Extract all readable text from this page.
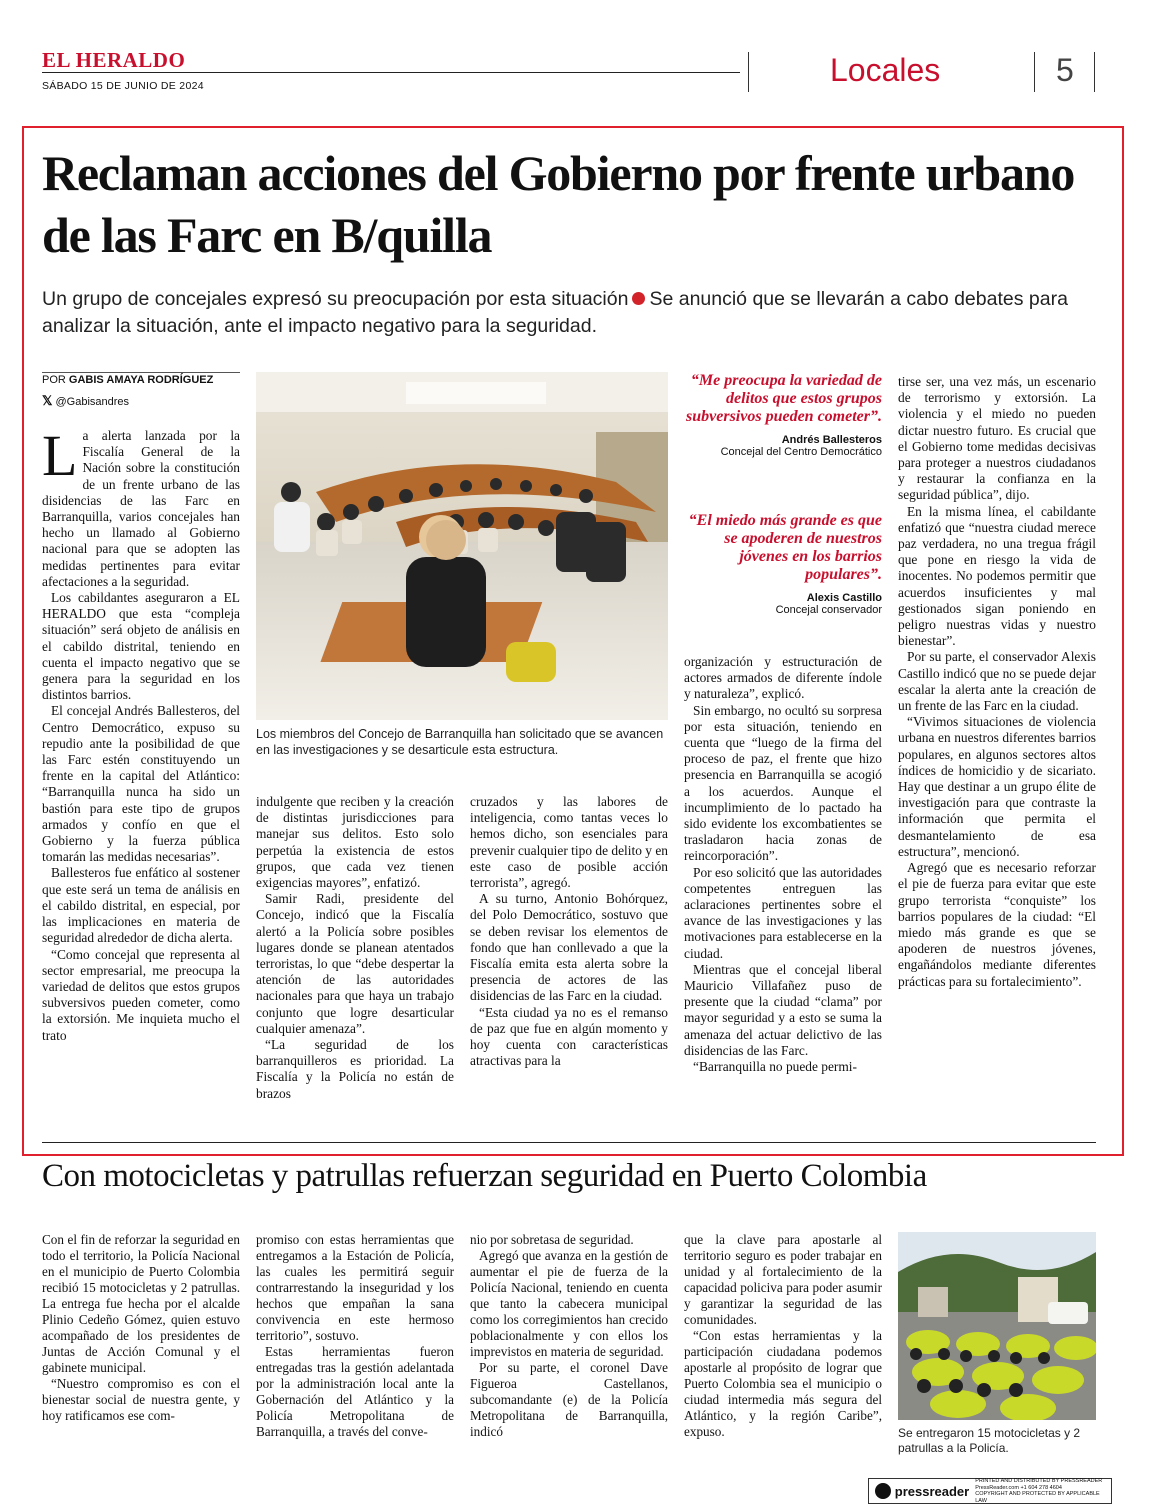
EL HERALDO
SÁBADO 15 DE JUNIO DE 2024	Locales	5
Reclaman acciones del Gobierno por frente urbano de las Farc en B/quilla
Un grupo de concejales expresó su preocupación por esta situación Se anunció que se llevarán a cabo debates para analizar la situación, ante el impacto negativo para la seguridad.
POR GABIS AMAYA RODRÍGUEZ
𝕏 @Gabisandres

La alerta lanzada por la Fiscalía General de la Nación sobre la constitución de un frente urbano de las disidencias de las Farc en Barranquilla, varios concejales han hecho un llamado al Gobierno nacional para que se adopten las medidas pertinentes para evitar afectaciones a la seguridad.

Los cabildantes aseguraron a EL HERALDO que esta “compleja situación” será objeto de análisis en el cabildo distrital, teniendo en cuenta el impacto negativo que se genera para la seguridad en los distintos barrios.

El concejal Andrés Ballesteros, del Centro Democrático, expuso su repudio ante la posibilidad de que las Farc estén constituyendo un frente en la capital del Atlántico: “Barranquilla nunca ha sido un bastión para este tipo de grupos armados y confío en que el Gobierno y la fuerza pública tomarán las medidas necesarias”.

Ballesteros fue enfático al sostener que este será un tema de análisis en el cabildo distrital, en especial, por las implicaciones en materia de seguridad alrededor de dicha alerta.

“Como concejal que representa al sector empresarial, me preocupa la variedad de delitos que estos grupos subversivos pueden cometer, como la extorsión. Me inquieta mucho el trato

Los miembros del Concejo de Barranquilla han solicitado que se avancen en las investigaciones y se desarticule esta estructura.

indulgente que reciben y la creación de distintas jurisdicciones para manejar sus delitos. Esto solo perpetúa la existencia de estos grupos, que cada vez tienen exigencias mayores”, enfatizó.

Samir Radi, presidente del Concejo, indicó que la Fiscalía alertó a la Policía sobre posibles lugares donde se planean atentados terroristas, lo que “debe despertar la atención de las autoridades nacionales para que haya un trabajo conjunto que logre desarticular cualquier amenaza”.

“La seguridad de los barranquilleros es prioridad. La Fiscalía y la Policía no están de brazos

cruzados y las labores de inteligencia, como tantas veces lo hemos dicho, son esenciales para prevenir cualquier tipo de delito y en este caso de posible acción terrorista”, agregó.

A su turno, Antonio Bohórquez, del Polo Democrático, sostuvo que se deben revisar los elementos de fondo que han conllevado a que la Fiscalía emita esta alerta sobre la presencia de actores de las disidencias de las Farc en la ciudad.

“Esta ciudad ya no es el remanso de paz que fue en algún momento y hoy cuenta con características atractivas para la

“Me preocupa la variedad de delitos que estos grupos subversivos pueden cometer”.
Andrés Ballesteros
Concejal del Centro Democrático
“El miedo más grande es que se apoderen de nuestros jóvenes en los barrios populares”.
Alexis Castillo
Concejal conservador

organización y estructuración de actores armados de diferente índole y naturaleza”, explicó.

Sin embargo, no ocultó su sorpresa por esta situación, teniendo en cuenta que “luego de la firma del proceso de paz, el frente que hizo presencia en Barranquilla se acogió a los acuerdos. Aunque el incumplimiento de lo pactado ha sido evidente los excombatientes se trasladaron hacia zonas de reincorporación”.

Por eso solicitó que las autoridades competentes entreguen las aclaraciones pertinentes sobre el avance de las investigaciones y las motivaciones para establecerse en la ciudad.

Mientras que el concejal liberal Mauricio Villafañez puso de presente que la ciudad “clama” por mayor seguridad y a esto se suma la amenaza del actuar delictivo de las disidencias de las Farc.

“Barranquilla no puede permi-

tirse ser, una vez más, un escenario de terrorismo y extorsión. La violencia y el miedo no pueden dictar nuestro futuro. Es crucial que el Gobierno tome medidas decisivas para proteger a nuestros ciudadanos y restaurar la confianza en la seguridad pública”, dijo.

En la misma línea, el cabildante enfatizó que “nuestra ciudad merece paz verdadera, no una tregua frágil que pone en riesgo la vida de inocentes. No podemos permitir que acuerdos insuficientes y mal gestionados sigan poniendo en peligro nuestras vidas y nuestro bienestar”.

Por su parte, el conservador Alexis Castillo indicó que no se puede dejar escalar la alerta ante la creación de un frente de las Farc en la ciudad.

“Vivimos situaciones de violencia urbana en nuestros diferentes barrios populares, en algunos sectores altos índices de homicidio y de sicariato. Hay que destinar a un grupo élite de investigación para que contraste la información que permita el desmantelamiento de esa estructura”, mencionó.

Agregó que es necesario reforzar el pie de fuerza para evitar que este grupo terrorista “conquiste” los barrios populares de la ciudad: “El miedo más grande es que se apoderen de nuestros jóvenes, engañándolos mediante diferentes prácticas para su fortalecimiento”.

Con motocicletas y patrullas refuerzan seguridad en Puerto Colombia

Con el fin de reforzar la seguridad en todo el territorio, la Policía Nacional en el municipio de Puerto Colombia recibió 15 motocicletas y 2 patrullas. La entrega fue hecha por el alcalde Plinio Cedeño Gómez, quien estuvo acompañado de los presidentes de Juntas de Acción Comunal y el gabinete municipal.

“Nuestro compromiso es con el bienestar social de nuestra gente, y hoy ratificamos ese com-

promiso con estas herramientas que entregamos a la Estación de Policía, las cuales les permitirá seguir contrarrestando la inseguridad y los hechos que empañan la sana convivencia en este hermoso territorio”, sostuvo.

Estas herramientas fueron entregadas tras la gestión adelantada por la administración local ante la Gobernación del Atlántico y la Policía Metropolitana de Barranquilla, a través del conve-

nio por sobretasa de seguridad.

Agregó que avanza en la gestión de aumentar el pie de fuerza de la Policía Nacional, teniendo en cuenta que tanto la cabecera municipal como los corregimientos han crecido poblacionalmente y con ellos los imprevistos en materia de seguridad.

Por su parte, el coronel Dave Figueroa Castellanos, subcomandante (e) de la Policía Metropolitana de Barranquilla, indicó

que la clave para apostarle al territorio seguro es poder trabajar en unidad y al fortalecimiento de la capacidad policiva para poder asumir y garantizar la seguridad de las comunidades.

“Con estas herramientas y la participación ciudadana podemos apostarle al propósito de lograr que Puerto Colombia sea el municipio o ciudad intermedia más segura del Atlántico, y la región Caribe”, expuso.	Se entregaron 15 motocicletas y 2 patrullas a la Policía.
pressreader
PRINTED AND DISTRIBUTED BY PRESSREADER
PressReader.com +1 604 278 4604
COPYRIGHT AND PROTECTED BY APPLICABLE LAW
